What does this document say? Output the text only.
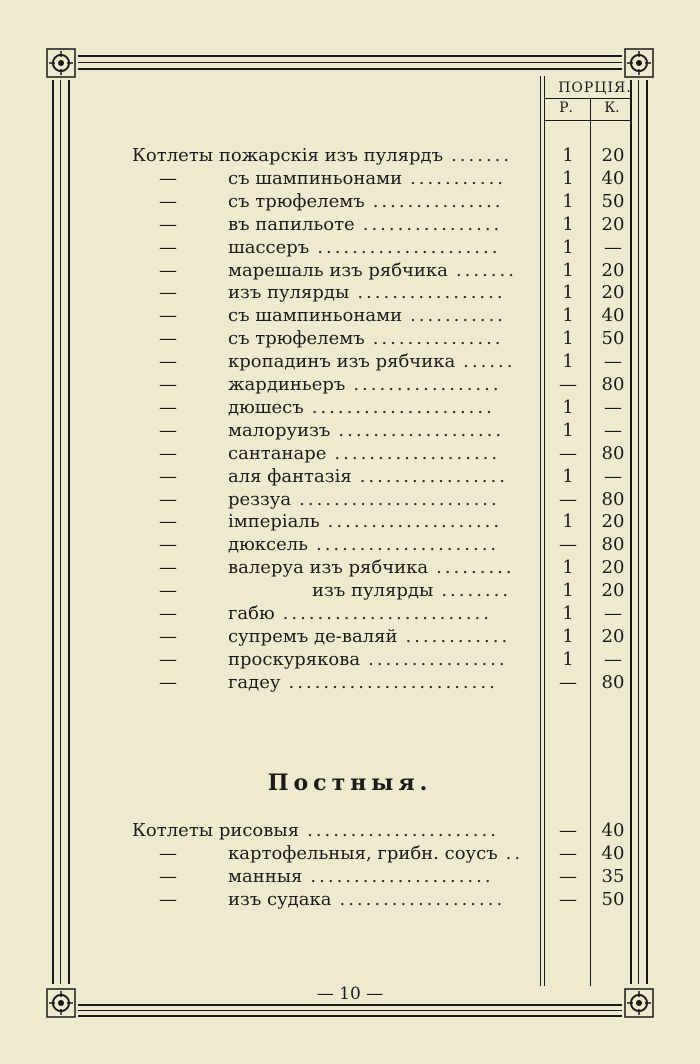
ПОРЦІЯ.
Р.	К.
Котлеты пожарскія изъ пулярдъ	1	20
.......
—	съ шампиньонами	1	40
...........
—	съ трюфелемъ	1	50
...............
—	въ папильоте	1	20
................
—	шассеръ	1	—
.....................
—	марешаль изъ рябчика	1	20
.......
—	изъ пулярды	1	20
.................
—	съ шампиньонами	1	40
...........
—	съ трюфелемъ	1	50
...............
—	кропадинъ изъ рябчика	1	—
......
—	жардиньеръ	—	80
.................
—	дюшесъ	1	—
.....................
—	малоруизъ	1	—
...................
—	сантанаре	—	80
...................
—	аля фантазія	1	—
.................
—	реззуа	—	80
.......................
—	імперіаль	1	20
....................
—	дюксель	—	80
.....................
—	валеруа изъ рябчика	1	20
.........
—	изъ пулярды	1	20
........
—	габю	1	—
........................
—	супремъ де-валяй	1	20
............
—	проскурякова	1	—
................
—	гадеу	—	80
........................
Постныя.
Котлеты рисовыя	—	40
......................
—	картофельныя, грибн. соусъ	—	40
..
—	манныя	—	35
.....................
—	изъ судака	—	50
...................
— 10 —
